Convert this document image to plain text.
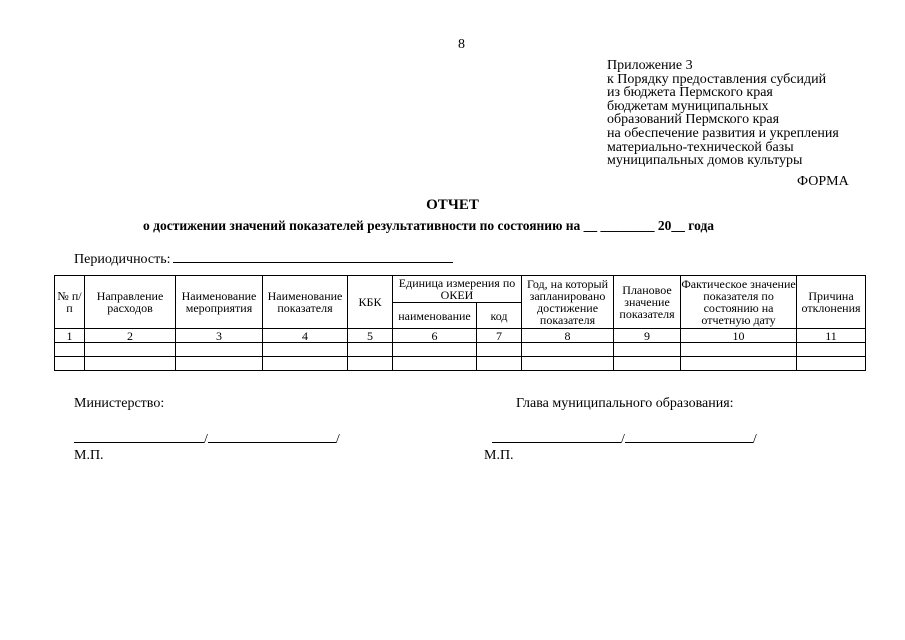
8
Приложение 3
к Порядку предоставления субсидий
из бюджета Пермского края
бюджетам муниципальных
образований Пермского края
на обеспечение развития и укрепления
материально-технической базы
муниципальных домов культуры
ФОРМА
ОТЧЕТ
о достижении значений показателей результативности по состоянию на __ ________ 20__ года
Периодичность:
№ п/п	Направление расходов	Наименование мероприятия	Наименование показателя	КБК	Единица измерения по ОКЕИ		Год, на который запланировано достижение показателя	Плановое значение показателя	Фактическое значение показателя по состоянию на отчетную дату	Причина отклонения
					наименование	код				
1	2	3	4	5	6	7	8	9	10	11

Министерство:	Глава муниципального образования:
/	/	/	/
М.П.	М.П.
